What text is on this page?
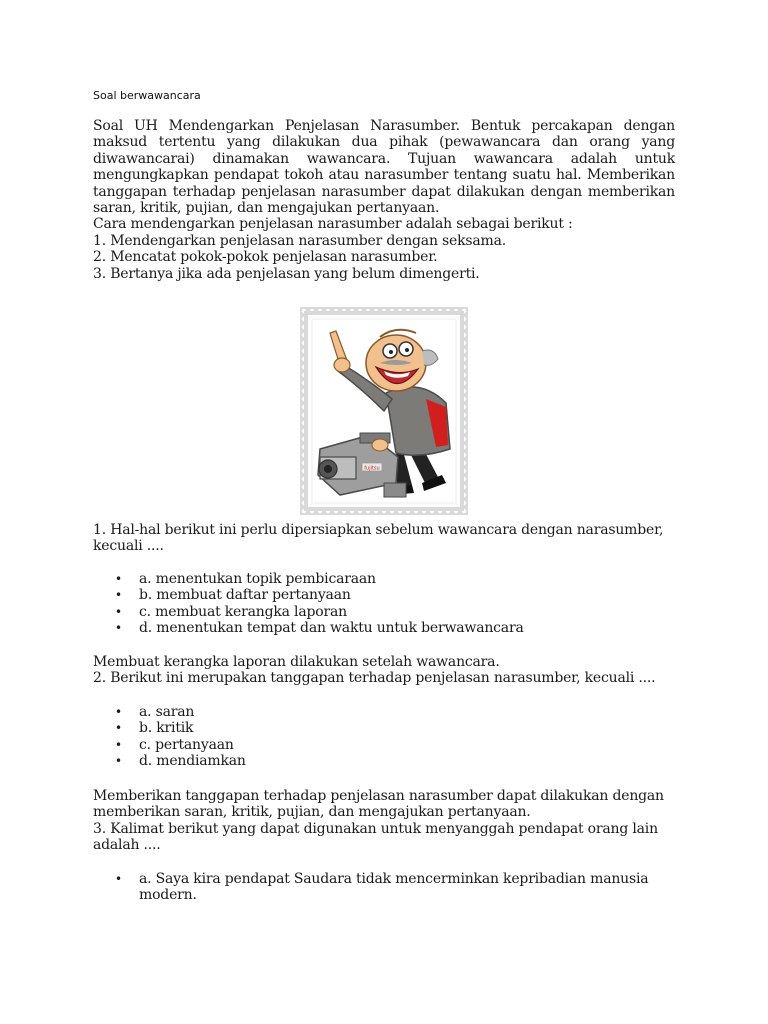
Soal berwawancara
Soal UH Mendengarkan Penjelasan Narasumber. Bentuk percakapan dengan
maksud tertentu yang dilakukan dua pihak (pewawancara dan orang yang
diwawancarai) dinamakan wawancara. Tujuan wawancara adalah untuk
mengungkapkan pendapat tokoh atau narasumber tentang suatu hal. Memberikan
tanggapan terhadap penjelasan narasumber dapat dilakukan dengan memberikan
saran, kritik, pujian, dan mengajukan pertanyaan.
Cara mendengarkan penjelasan narasumber adalah sebagai berikut :
1. Mendengarkan penjelasan narasumber dengan seksama.
2. Mencatat pokok-pokok penjelasan narasumber.
3. Bertanya jika ada penjelasan yang belum dimengerti.
fujitsu
1. Hal-hal berikut ini perlu dipersiapkan sebelum wawancara dengan narasumber,
kecuali ....
• a. menentukan topik pembicaraan
• b. membuat daftar pertanyaan
• c. membuat kerangka laporan
• d. menentukan tempat dan waktu untuk berwawancara
Membuat kerangka laporan dilakukan setelah wawancara.
2. Berikut ini merupakan tanggapan terhadap penjelasan narasumber, kecuali ....
• a. saran
• b. kritik
• c. pertanyaan
• d. mendiamkan
Memberikan tanggapan terhadap penjelasan narasumber dapat dilakukan dengan
memberikan saran, kritik, pujian, dan mengajukan pertanyaan.
3. Kalimat berikut yang dapat digunakan untuk menyanggah pendapat orang lain
adalah ....
• a. Saya kira pendapat Saudara tidak mencerminkan kepribadian manusia
modern.
